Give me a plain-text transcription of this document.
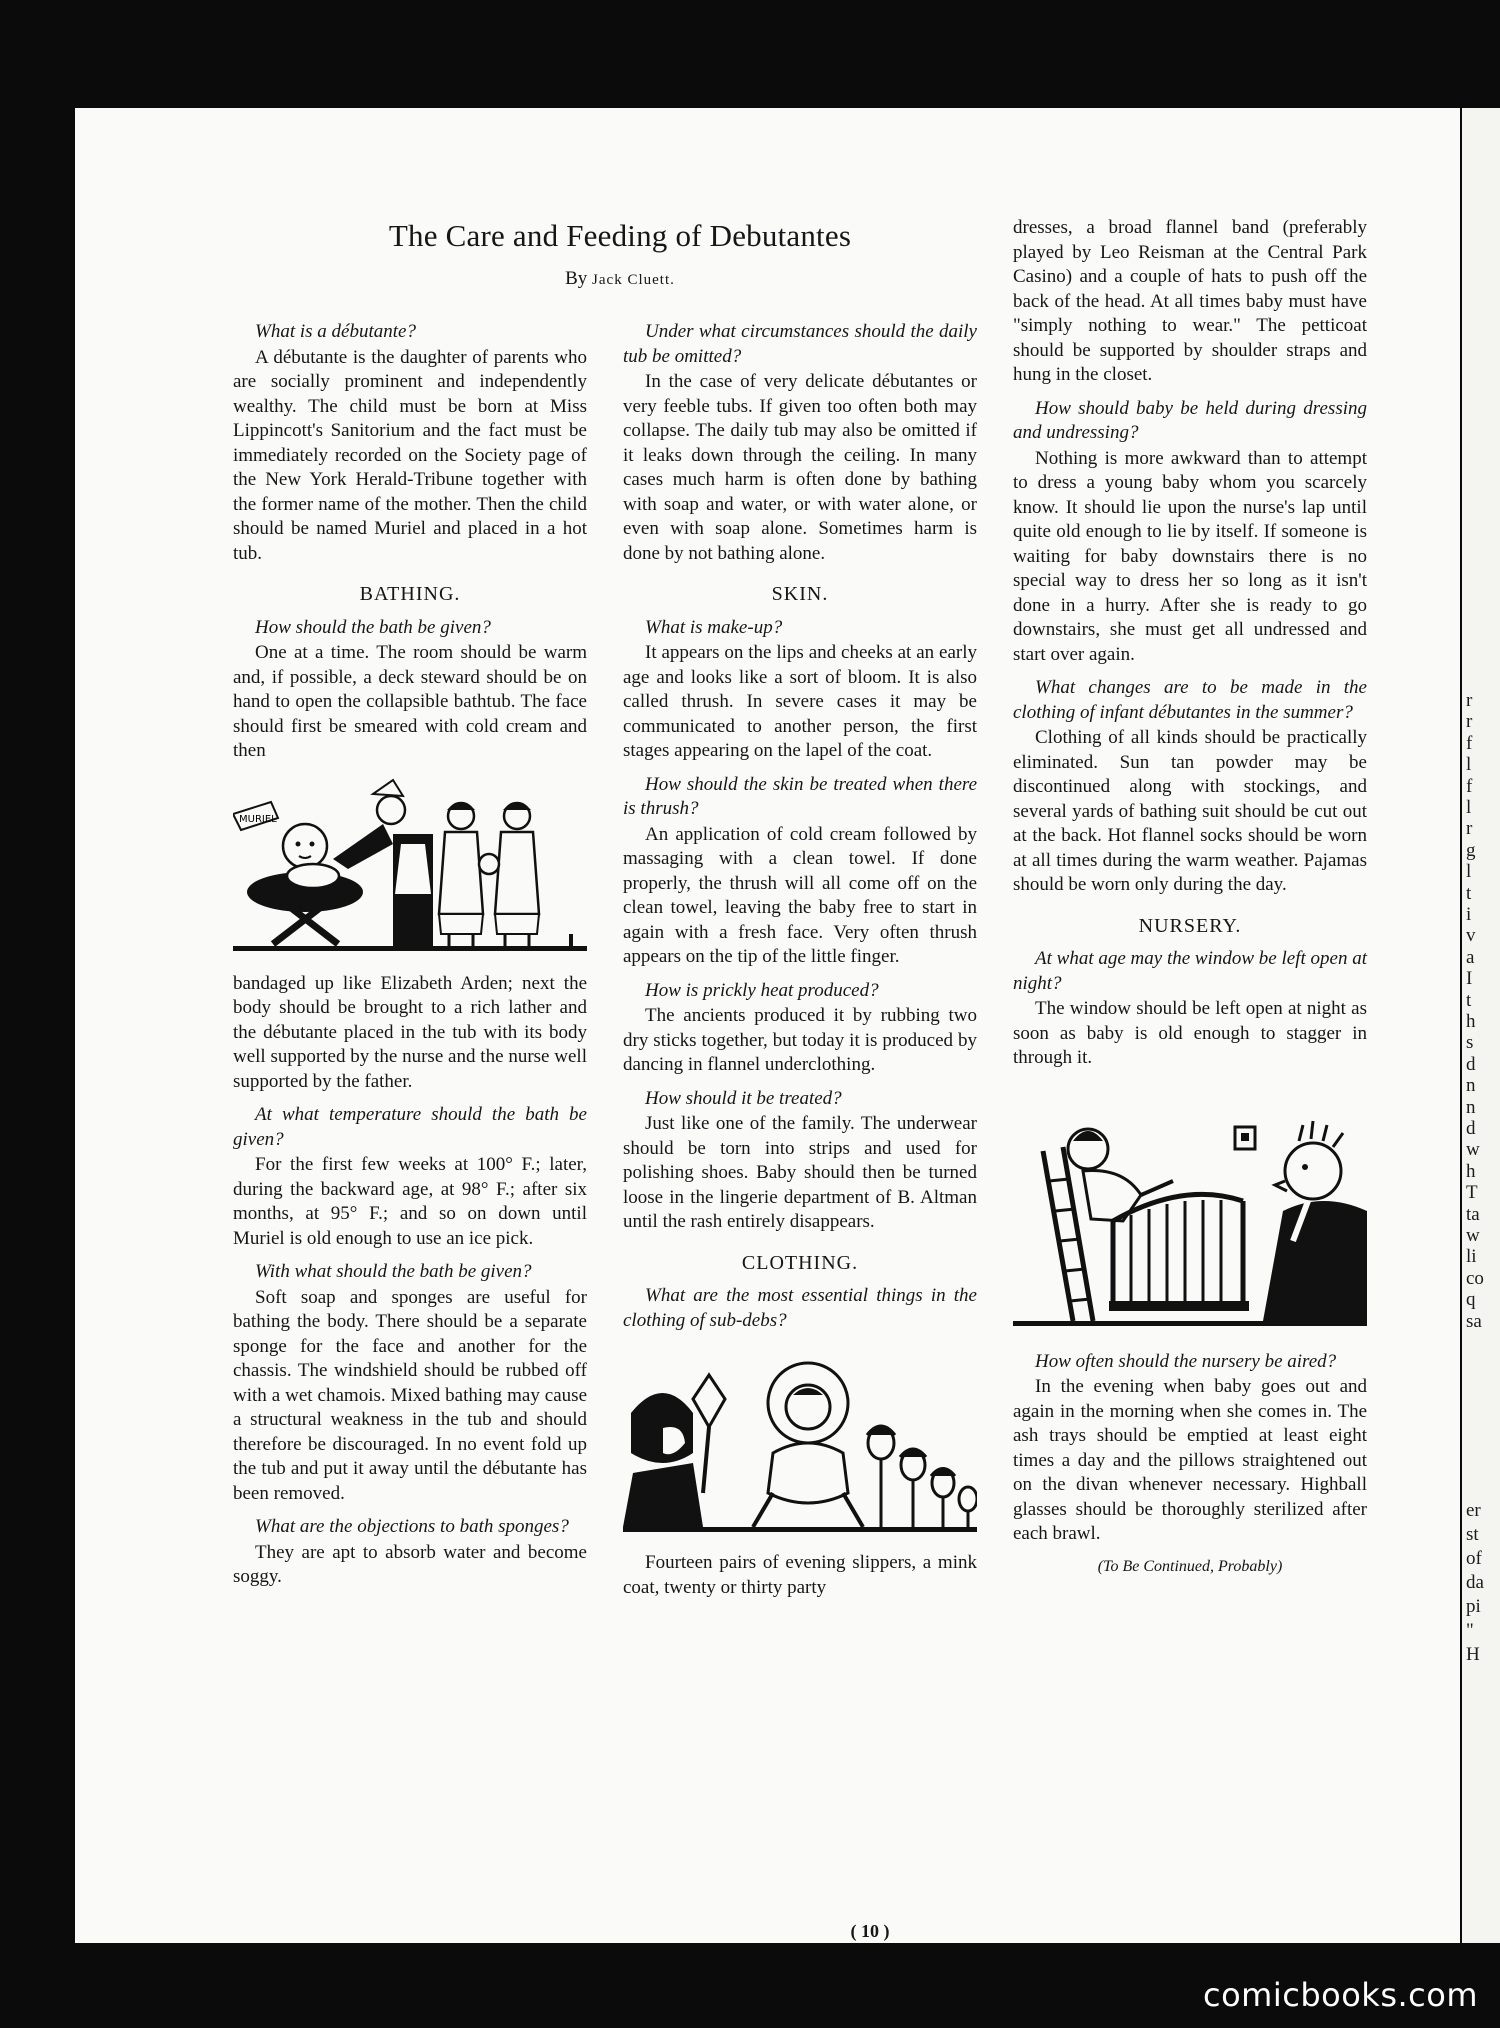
r
r
f
l
f
l
r
g
l
t
i
v
a
I
t
h
s
d
n
n
d
w
h
T
ta
w
li
co
q
sa
er
st
of
da
pi
"
H
The Care and Feeding of Debutantes
By Jack Cluett.

What is a débutante?

A débutante is the daughter of parents who are socially prominent and independently wealthy. The child must be born at Miss Lippincott's Sanitorium and the fact must be immediately recorded on the Society page of the New York Herald-Tribune together with the former name of the mother. Then the child should be named Muriel and placed in a hot tub.

BATHING.

How should the bath be given?

One at a time. The room should be warm and, if possible, a deck steward should be on hand to open the collapsible bathtub. The face should first be smeared with cold cream and then

MURIEL

bandaged up like Elizabeth Arden; next the body should be brought to a rich lather and the débutante placed in the tub with its body well supported by the nurse and the nurse well supported by the father.

At what temperature should the bath be given?

For the first few weeks at 100° F.; later, during the backward age, at 98° F.; after six months, at 95° F.; and so on down until Muriel is old enough to use an ice pick.

With what should the bath be given?

Soft soap and sponges are useful for bathing the body. There should be a separate sponge for the face and another for the chassis. The windshield should be rubbed off with a wet chamois. Mixed bathing may cause a structural weakness in the tub and should therefore be discouraged. In no event fold up the tub and put it away until the débutante has been removed.

What are the objections to bath sponges?

They are apt to absorb water and become soggy.

Under what circumstances should the daily tub be omitted?

In the case of very delicate débutantes or very feeble tubs. If given too often both may collapse. The daily tub may also be omitted if it leaks down through the ceiling. In many cases much harm is often done by bathing with soap and water, or with water alone, or even with soap alone. Sometimes harm is done by not bathing alone.

SKIN.

What is make-up?

It appears on the lips and cheeks at an early age and looks like a sort of bloom. It is also called thrush. In severe cases it may be communicated to another person, the first stages appearing on the lapel of the coat.

How should the skin be treated when there is thrush?

An application of cold cream followed by massaging with a clean towel. If done properly, the thrush will all come off on the clean towel, leaving the baby free to start in again with a fresh face. Very often thrush appears on the tip of the little finger.

How is prickly heat produced?

The ancients produced it by rubbing two dry sticks together, but today it is produced by dancing in flannel underclothing.

How should it be treated?

Just like one of the family. The underwear should be torn into strips and used for polishing shoes. Baby should then be turned loose in the lingerie department of B. Altman until the rash entirely disappears.

CLOTHING.

What are the most essential things in the clothing of sub-debs?

Fourteen pairs of evening slippers, a mink coat, twenty or thirty party

dresses, a broad flannel band (preferably played by Leo Reisman at the Central Park Casino) and a couple of hats to push off the back of the head. At all times baby must have "simply nothing to wear." The petticoat should be supported by shoulder straps and hung in the closet.

How should baby be held during dressing and undressing?

Nothing is more awkward than to attempt to dress a young baby whom you scarcely know. It should lie upon the nurse's lap until quite old enough to lie by itself. If someone is waiting for baby downstairs there is no special way to dress her so long as it isn't done in a hurry. After she is ready to go downstairs, she must get all undressed and start over again.

What changes are to be made in the clothing of infant débutantes in the summer?

Clothing of all kinds should be practically eliminated. Sun tan powder may be discontinued along with stockings, and several yards of bathing suit should be cut out at the back. Hot flannel socks should be worn at all times during the warm weather. Pajamas should be worn only during the day.

NURSERY.

At what age may the window be left open at night?

The window should be left open at night as soon as baby is old enough to stagger in through it.

How often should the nursery be aired?

In the evening when baby goes out and again in the morning when she comes in. The ash trays should be emptied at least eight times a day and the pillows straightened out on the divan whenever necessary. Highball glasses should be thoroughly sterilized after each brawl.

(To Be Continued, Probably)

( 10 )
comicbooks.com
